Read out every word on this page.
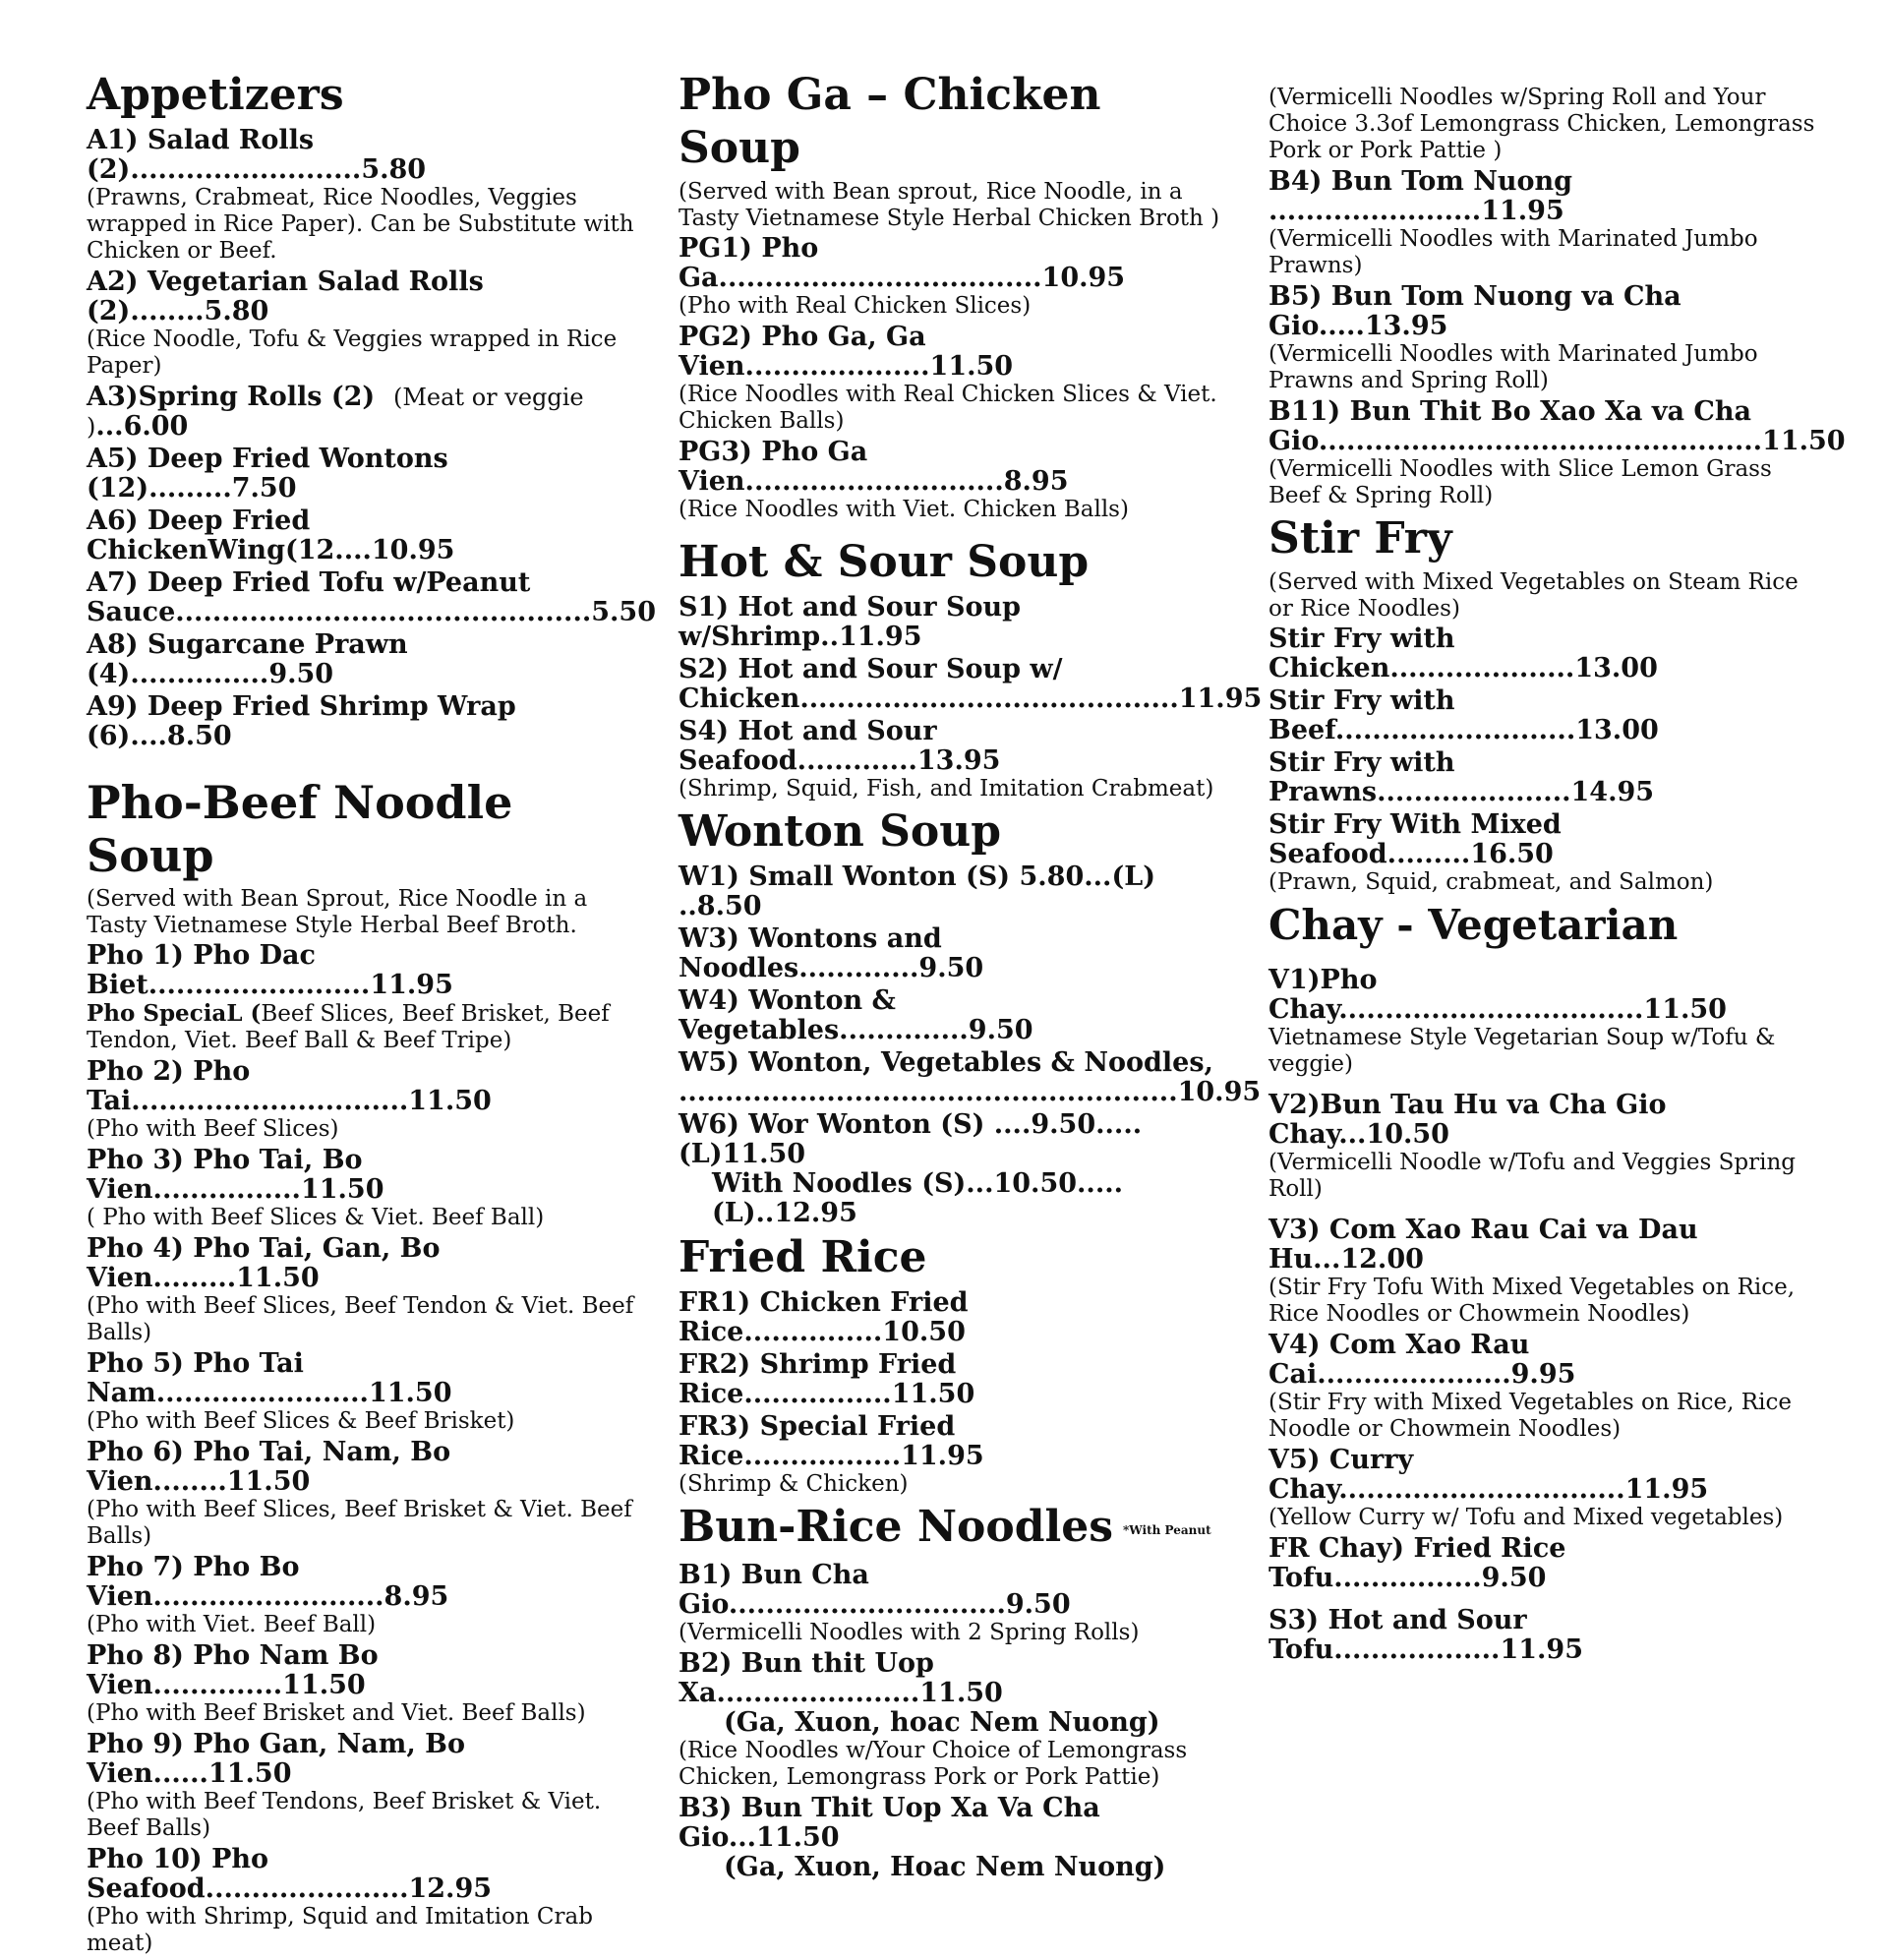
Appetizers
A1) Salad Rolls (2).........................5.80
(Prawns, Crabmeat, Rice Noodles, Veggies wrapped in Rice Paper). Can be Substitute with Chicken or Beef.
A2) Vegetarian Salad Rolls (2)........5.80
(Rice Noodle, Tofu & Veggies wrapped in Rice Paper)
A3)Spring Rolls (2)  (Meat or veggie )...6.00
A5) Deep Fried Wontons (12).........7.50
A6) Deep Fried ChickenWing(12....10.95
A7) Deep Fried Tofu w/Peanut
Sauce.............................................5.50
A8) Sugarcane Prawn (4)...............9.50
A9) Deep Fried Shrimp Wrap (6)....8.50
Pho-Beef Noodle Soup
(Served with Bean Sprout, Rice Noodle in a Tasty Vietnamese Style Herbal Beef Broth.
Pho 1) Pho Dac Biet........................11.95
Pho SpeciaL (Beef Slices, Beef Brisket, Beef Tendon, Viet. Beef Ball & Beef Tripe)
Pho 2) Pho Tai..............................11.50
(Pho with Beef Slices)
Pho 3) Pho Tai, Bo Vien................11.50
( Pho with Beef Slices & Viet. Beef Ball)
Pho 4) Pho Tai, Gan, Bo Vien.........11.50
(Pho with Beef Slices, Beef Tendon & Viet. Beef Balls)
Pho 5) Pho Tai Nam.......................11.50
(Pho with Beef Slices & Beef Brisket)
Pho 6) Pho Tai, Nam, Bo Vien........11.50
(Pho with Beef Slices, Beef Brisket & Viet. Beef Balls)
Pho 7) Pho Bo Vien.........................8.95
(Pho with Viet. Beef Ball)
Pho 8) Pho Nam Bo Vien..............11.50
(Pho with Beef Brisket and Viet. Beef Balls)
Pho 9) Pho Gan, Nam, Bo Vien......11.50
(Pho with Beef Tendons, Beef Brisket & Viet. Beef Balls)
Pho 10) Pho Seafood......................12.95
(Pho with Shrimp, Squid and Imitation Crab meat)
Pho Ga – Chicken Soup
(Served with Bean sprout, Rice Noodle, in a Tasty Vietnamese Style Herbal Chicken Broth )
PG1) Pho Ga...................................10.95
(Pho with Real Chicken Slices)
PG2) Pho Ga, Ga Vien....................11.50
(Rice Noodles with Real Chicken Slices & Viet. Chicken Balls)
PG3) Pho Ga Vien............................8.95
(Rice Noodles with Viet. Chicken Balls)
Hot & Sour Soup
S1) Hot and Sour Soup w/Shrimp..11.95
S2) Hot and Sour Soup w/
Chicken.........................................11.95
S4) Hot and Sour Seafood.............13.95
(Shrimp, Squid, Fish, and Imitation Crabmeat)
Wonton Soup
W1) Small Wonton (S) 5.80...(L) ..8.50
W3) Wontons and Noodles.............9.50
W4) Wonton & Vegetables..............9.50
W5) Wonton, Vegetables & Noodles,
......................................................10.95
W6) Wor Wonton (S) ....9.50.....(L)11.50
With Noodles (S)...10.50.....(L)..12.95
Fried Rice
FR1) Chicken Fried Rice...............10.50
FR2) Shrimp Fried Rice................11.50
FR3) Special Fried Rice.................11.95
(Shrimp & Chicken)
Bun-Rice Noodles *With Peanut
B1) Bun Cha Gio..............................9.50
(Vermicelli Noodles with 2 Spring Rolls)
B2) Bun thit Uop Xa......................11.50
(Ga, Xuon, hoac Nem Nuong)
(Rice Noodles w/Your Choice of Lemongrass Chicken, Lemongrass Pork or Pork Pattie)
B3) Bun Thit Uop Xa Va Cha Gio...11.50
(Ga, Xuon, Hoac Nem Nuong)
(Vermicelli Noodles w/Spring Roll and Your Choice 3.3of Lemongrass Chicken, Lemongrass Pork or Pork Pattie )
B4) Bun Tom Nuong .......................11.95
(Vermicelli Noodles with Marinated Jumbo Prawns)
B5) Bun Tom Nuong va Cha Gio.....13.95
(Vermicelli Noodles with Marinated Jumbo Prawns and Spring Roll)
B11) Bun Thit Bo Xao Xa va Cha
Gio................................................11.50
(Vermicelli Noodles with Slice Lemon Grass Beef & Spring Roll)
Stir Fry
(Served with Mixed Vegetables on Steam Rice or Rice Noodles)
Stir Fry with Chicken....................13.00
Stir Fry with Beef..........................13.00
Stir Fry with Prawns.....................14.95
Stir Fry With Mixed Seafood.........16.50
(Prawn, Squid, crabmeat, and Salmon)
Chay - Vegetarian
V1)Pho Chay.................................11.50
Vietnamese Style Vegetarian Soup w/Tofu & veggie)
V2)Bun Tau Hu va Cha Gio Chay...10.50
(Vermicelli Noodle w/Tofu and Veggies Spring Roll)
V3) Com Xao Rau Cai va Dau Hu...12.00
(Stir Fry Tofu With Mixed Vegetables on Rice, Rice Noodles or Chowmein Noodles)
V4) Com Xao Rau Cai.....................9.95
(Stir Fry with Mixed Vegetables on Rice, Rice Noodle or Chowmein Noodles)
V5) Curry Chay...............................11.95
(Yellow Curry w/ Tofu and Mixed vegetables)
FR Chay) Fried Rice Tofu................9.50
S3) Hot and Sour Tofu..................11.95
